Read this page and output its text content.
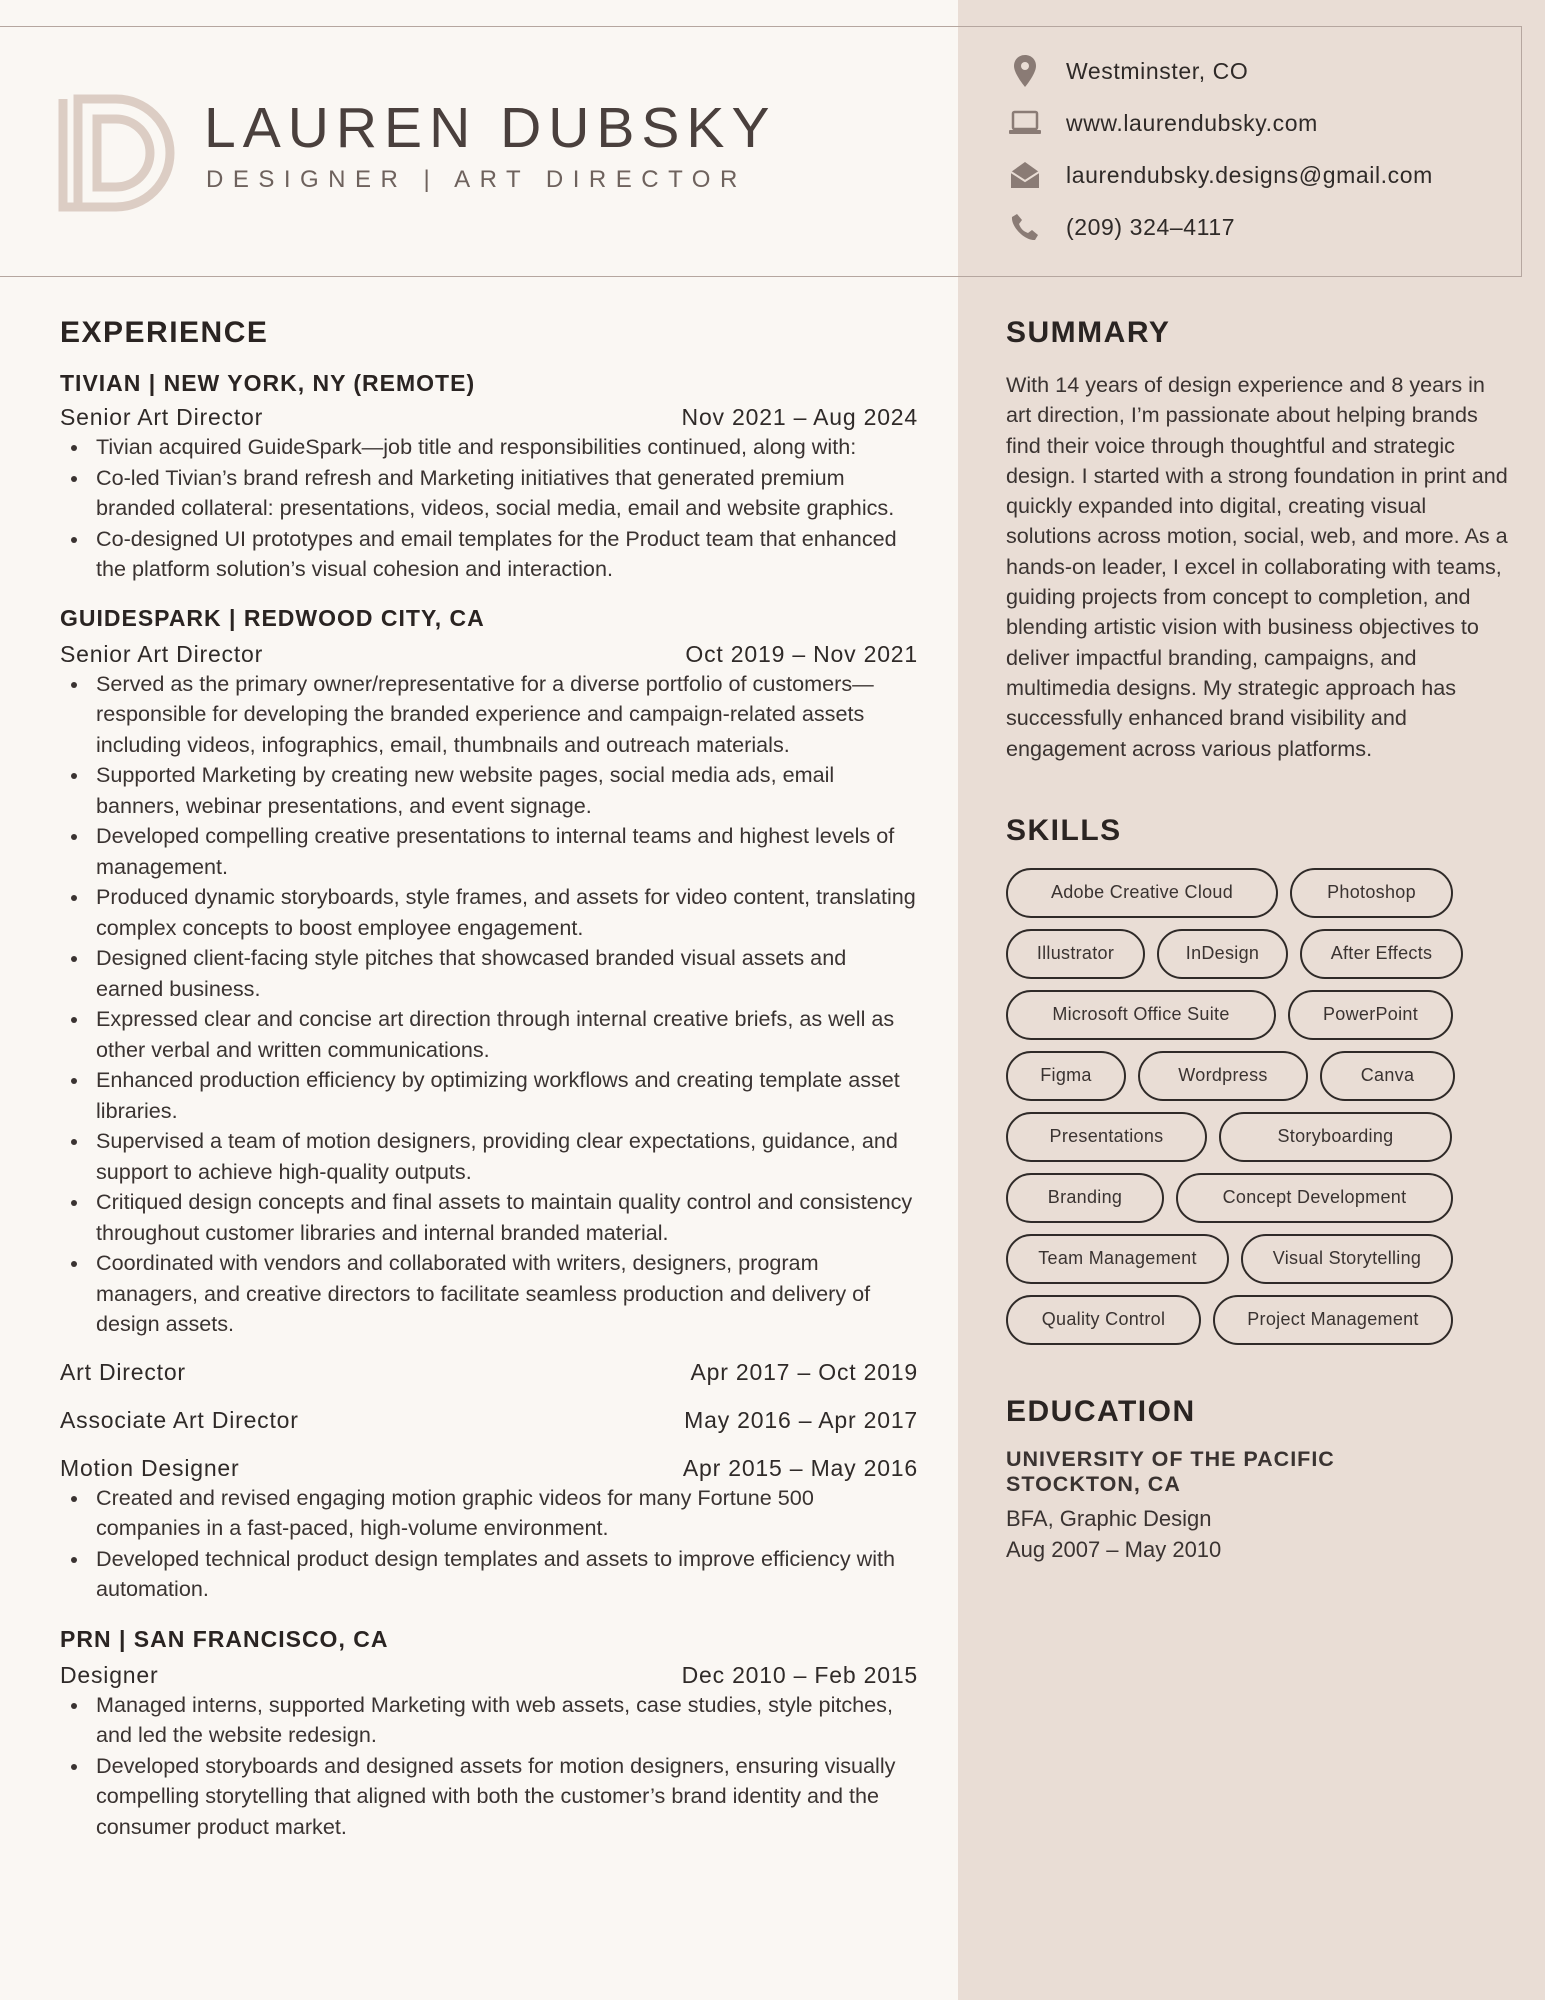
LAUREN DUBSKY
DESIGNER | ART DIRECTOR
Westminster, CO
www.laurendubsky.com
laurendubsky.designs@gmail.com
(209) 324–4117
EXPERIENCE
TIVIAN | NEW YORK, NY (REMOTE)
Senior Art Director	Nov 2021 – Aug 2024
Tivian acquired GuideSpark—job title and responsibilities continued, along with:
Co-led Tivian’s brand refresh and Marketing initiatives that generated premium branded collateral: presentations, videos, social media, email and website graphics.
Co-designed UI prototypes and email templates for the Product team that enhanced the platform solution’s visual cohesion and interaction.
GUIDESPARK | REDWOOD CITY, CA
Senior Art Director	Oct 2019 – Nov 2021
Served as the primary owner/representative for a diverse portfolio of customers—responsible for developing the branded experience and campaign-related assets including videos, infographics, email, thumbnails and outreach materials.
Supported Marketing by creating new website pages, social media ads, email banners, webinar presentations, and event signage.
Developed compelling creative presentations to internal teams and highest levels of management.
Produced dynamic storyboards, style frames, and assets for video content, translating complex concepts to boost employee engagement.
Designed client-facing style pitches that showcased branded visual assets and earned business.
Expressed clear and concise art direction through internal creative briefs, as well as other verbal and written communications.
Enhanced production efficiency by optimizing workflows and creating template asset libraries.
Supervised a team of motion designers, providing clear expectations, guidance, and support to achieve high-quality outputs.
Critiqued design concepts and final assets to maintain quality control and consistency throughout customer libraries and internal branded material.
Coordinated with vendors and collaborated with writers, designers, program managers, and creative directors to facilitate seamless production and delivery of design assets.
Art Director	Apr 2017 – Oct 2019
Associate Art Director	May 2016 – Apr 2017
Motion Designer	Apr 2015 – May 2016
Created and revised engaging motion graphic videos for many Fortune 500 companies in a fast-paced, high-volume environment.
Developed technical product design templates and assets to improve efficiency with automation.
PRN | SAN FRANCISCO, CA
Designer	Dec 2010 – Feb 2015
Managed interns, supported Marketing with web assets, case studies, style pitches, and led the website redesign.
Developed storyboards and designed assets for motion designers, ensuring visually compelling storytelling that aligned with both the customer’s brand identity and the consumer product market.
SUMMARY

With 14 years of design experience and 8 years in art direction, I’m passionate about helping brands find their voice through thoughtful and strategic design. I started with a strong foundation in print and quickly expanded into digital, creating visual solutions across motion, social, web, and more. As a hands-on leader, I excel in collaborating with teams, guiding projects from concept to completion, and blending artistic vision with business objectives to deliver impactful branding, campaigns, and multimedia designs. My strategic approach has successfully enhanced brand visibility and engagement across various platforms.

SKILLS
Adobe Creative Cloud	Photoshop
Illustrator	InDesign	After Effects
Microsoft Office Suite	PowerPoint
Figma	Wordpress	Canva
Presentations	Storyboarding
Branding	Concept Development
Team Management	Visual Storytelling
Quality Control	Project Management
EDUCATION
UNIVERSITY OF THE PACIFIC
STOCKTON, CA
BFA, Graphic Design
Aug 2007 – May 2010
